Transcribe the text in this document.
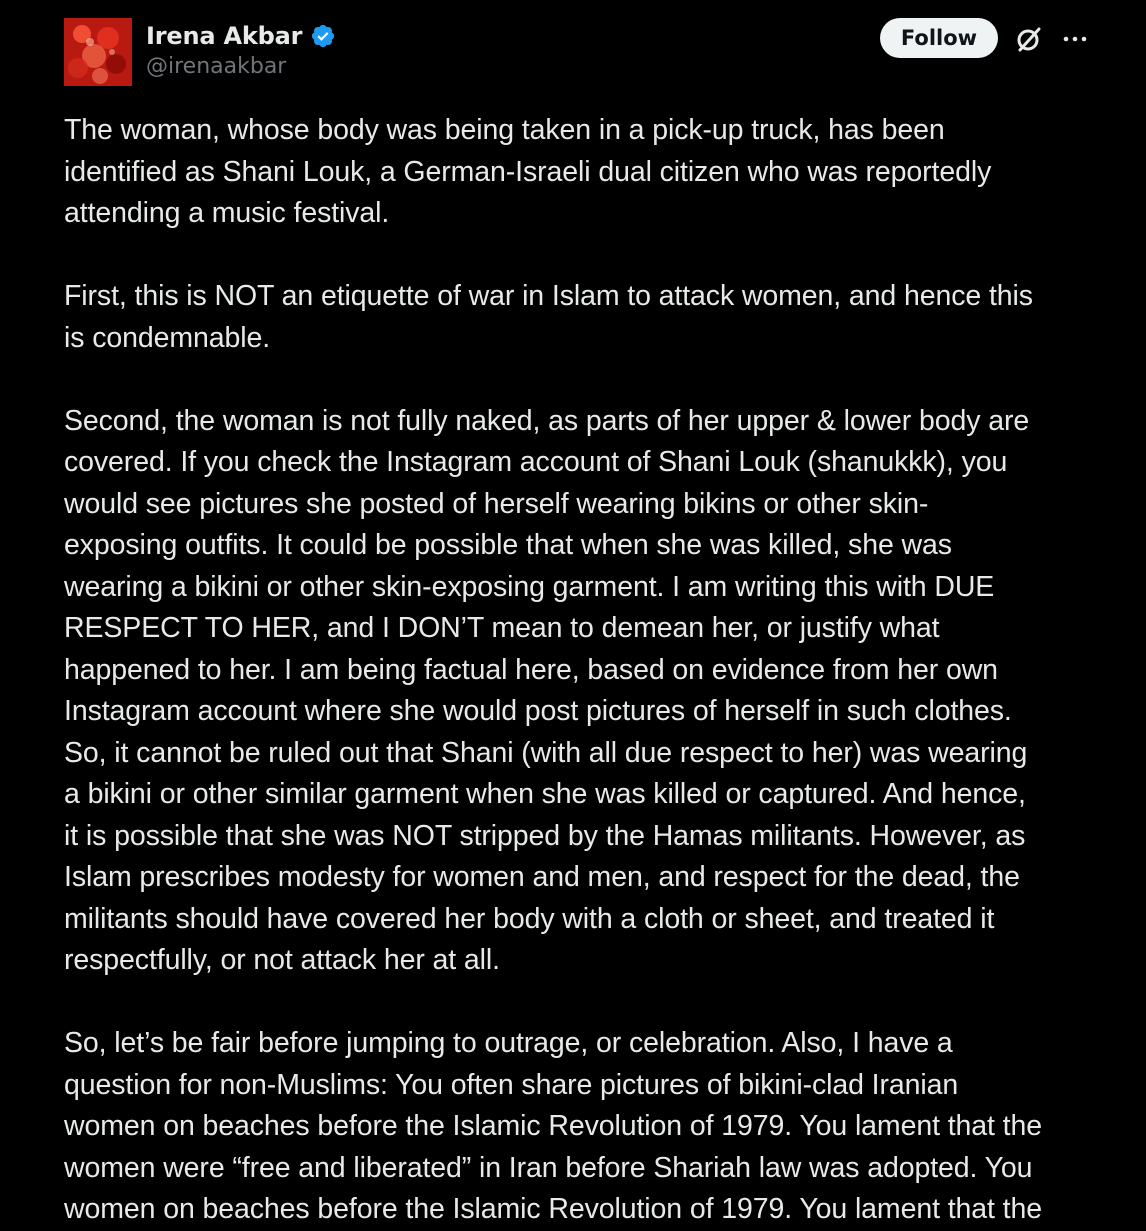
Irena Akbar
@irenaakbar
Follow

The woman, whose body was being taken in a pick-up truck, has been
identified as Shani Louk, a German-Israeli dual citizen who was reportedly
attending a music festival.

First, this is NOT an etiquette of war in Islam to attack women, and hence this
is condemnable.

Second, the woman is not fully naked, as parts of her upper & lower body are
covered. If you check the Instagram account of Shani Louk (shanukkk), you
would see pictures she posted of herself wearing bikins or other skin-
exposing outfits. It could be possible that when she was killed, she was
wearing a bikini or other skin-exposing garment. I am writing this with DUE
RESPECT TO HER, and I DON’T mean to demean her, or justify what
happened to her. I am being factual here, based on evidence from her own
Instagram account where she would post pictures of herself in such clothes.
So, it cannot be ruled out that Shani (with all due respect to her) was wearing
a bikini or other similar garment when she was killed or captured. And hence,
it is possible that she was NOT stripped by the Hamas militants. However, as
Islam prescribes modesty for women and men, and respect for the dead, the
militants should have covered her body with a cloth or sheet, and treated it
respectfully, or not attack her at all.

So, let’s be fair before jumping to outrage, or celebration. Also, I have a
question for non-Muslims: You often share pictures of bikini-clad Iranian
women on beaches before the Islamic Revolution of 1979. You lament that the
women were “free and liberated” in Iran before Shariah law was adopted. You
women on beaches before the Islamic Revolution of 1979. You lament that the
